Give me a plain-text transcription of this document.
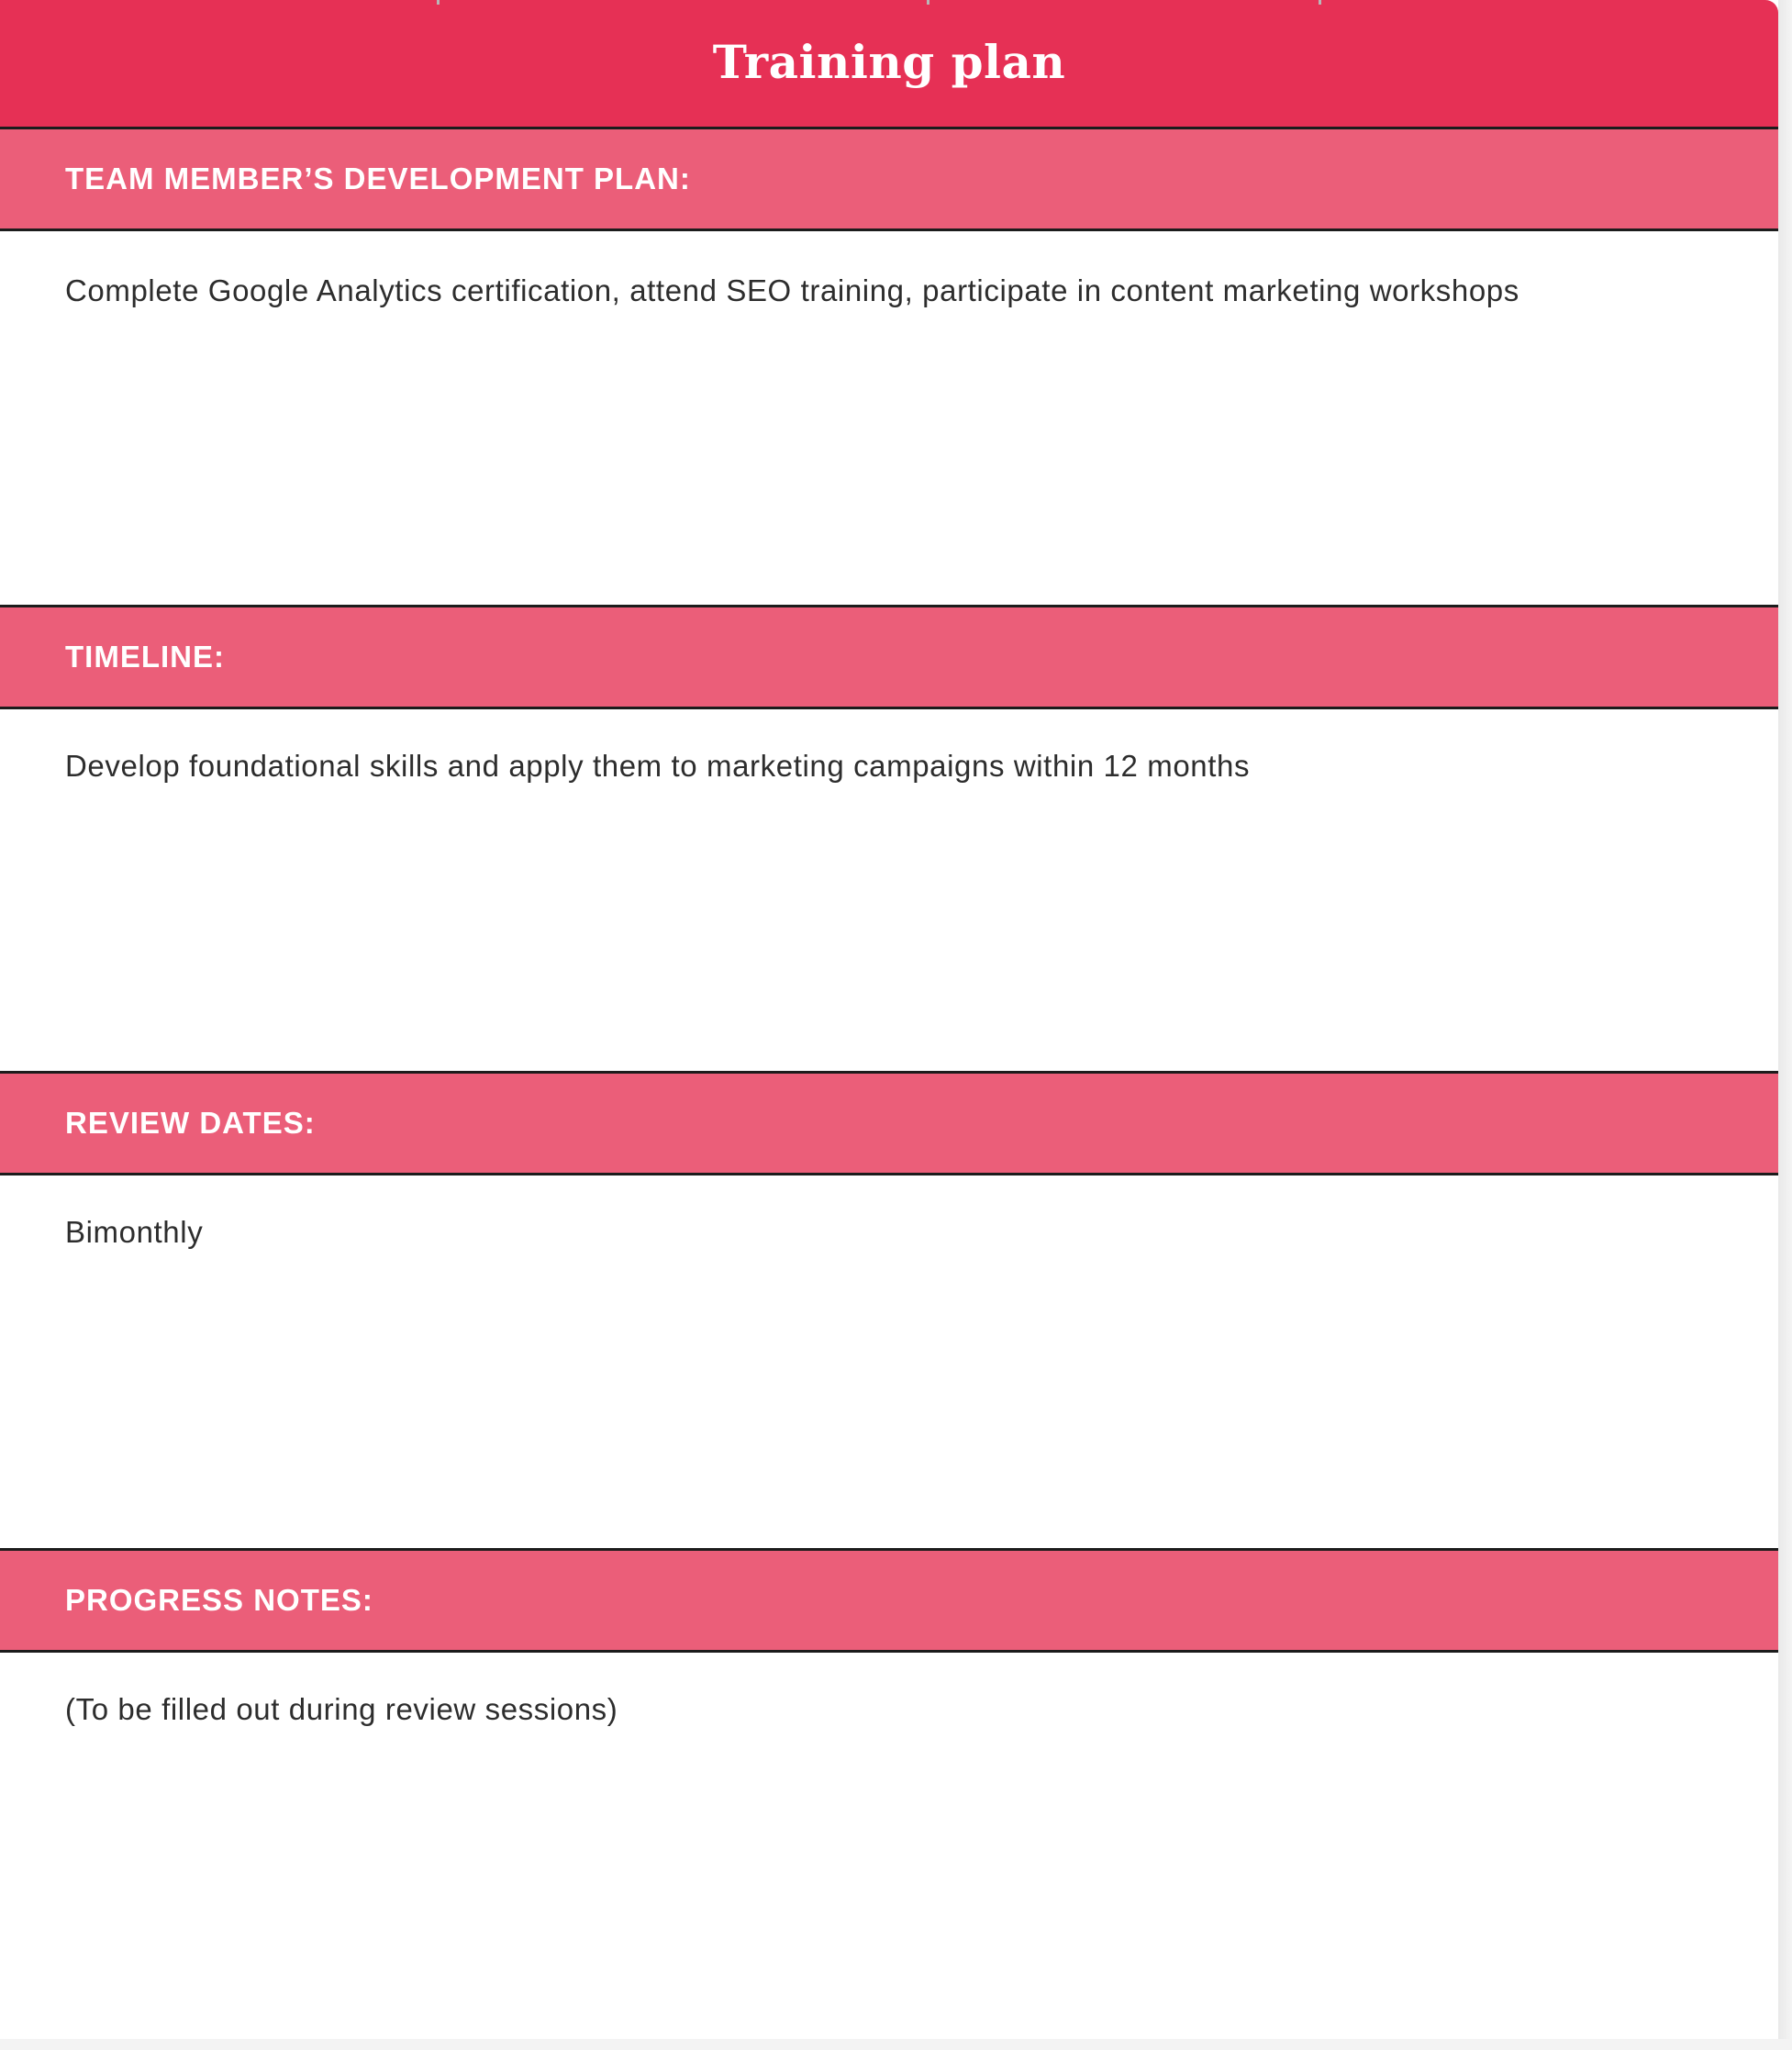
Training plan
TEAM MEMBER’S DEVELOPMENT PLAN:
Complete Google Analytics certification, attend SEO training, participate in content marketing workshops
TIMELINE:
Develop foundational skills and apply them to marketing campaigns within 12 months
REVIEW DATES:
Bimonthly
PROGRESS NOTES:
(To be filled out during review sessions)
